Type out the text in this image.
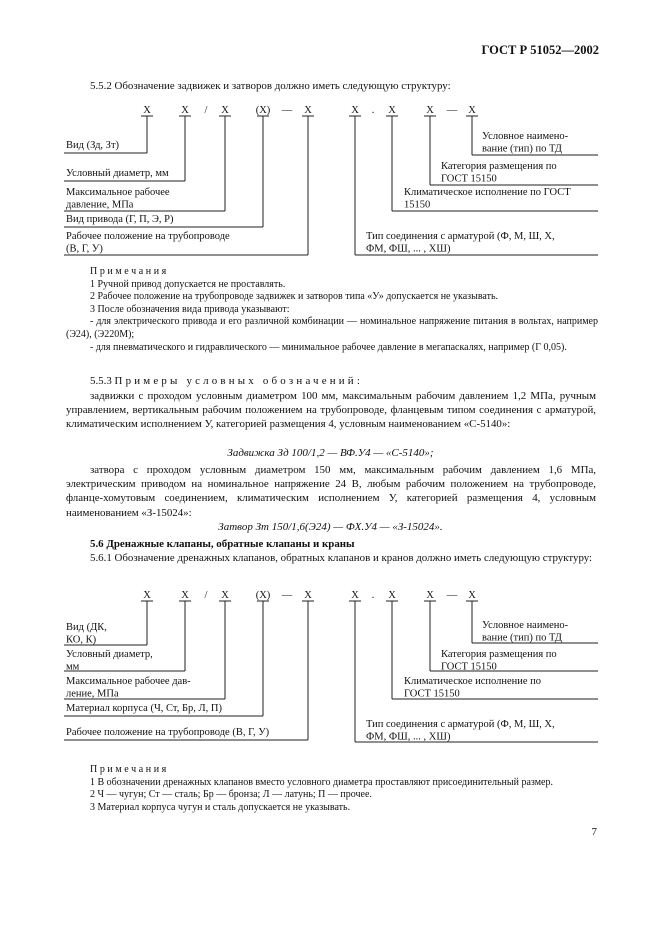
ГОСТ Р 51052—2002
5.5.2 Обозначение задвижек и затворов должно иметь следующую структуру:
X	X / X	(X) — X	X . X	X — X
Вид (Зд, Зт)
Условный диаметр, мм
Максимальное рабочее
давление, МПа
Вид привода (Г, П, Э, Р)
Рабочее положение на трубопроводе
(В, Г, У)
Условное наимено-
вание (тип) по ТД
Категория размещения по
ГОСТ 15150
Климатическое исполнение по ГОСТ
15150
Тип соединения с арматурой (Ф, М, Ш, Х,
ФМ, ФШ, ... , ХШ)
Примечания
1 Ручной привод допускается не проставлять.
2 Рабочее положение на трубопроводе задвижек и затворов типа «У» допускается не указывать.
3 После обозначения вида привода указывают:
- для электрического привода и его различной комбинации — номинальное напряжение питания в вольтах, например (Э24), (Э220М);
- для пневматического и гидравлического — минимальное рабочее давление в мегапаскалях, например (Г 0,05).
5.5.3 Примеры условных обозначений:
задвижки с проходом условным диаметром 100 мм, максимальным рабочим давлением 1,2 МПа, ручным управлением, вертикальным рабочим положением на трубопроводе, фланцевым типом соединения с арматурой, климатическим исполнением У, категорией размещения 4, условным наименованием «С-5140»:
Задвижка Зд 100/1,2 — ВФ.У4 — «С-5140»;
затвора с проходом условным диаметром 150 мм, максимальным рабочим давлением 1,6 МПа, электрическим приводом на номинальное напряжение 24 В, любым рабочим положением на трубопроводе, фланце-хомутовым соединением, климатическим исполнением У, категорией размещения 4, условным наименованием «З-15024»:
Затвор Зт 150/1,6(Э24) — ФХ.У4 — «З-15024».
5.6 Дренажные клапаны, обратные клапаны и краны
5.6.1 Обозначение дренажных клапанов, обратных клапанов и кранов должно иметь следующую структуру:
X	X / X	(X) — X	X . X	X — X
Вид (ДК,
КО, К)
Условный диаметр,
мм
Максимальное рабочее дав-
ление, МПа
Материал корпуса (Ч, Ст, Бр, Л, П)
Рабочее положение на трубопроводе (В, Г, У)
Условное наимено-
вание (тип) по ТД
Категория размещения по
ГОСТ 15150
Климатическое исполнение по
ГОСТ 15150
Тип соединения с арматурой (Ф, М, Ш, Х,
ФМ, ФШ, ... , ХШ)
Примечания
1 В обозначении дренажных клапанов вместо условного диаметра проставляют присоединительный размер.
2 Ч — чугун; Ст — сталь; Бр — бронза; Л — латунь; П — прочее.
3 Материал корпуса чугун и сталь допускается не указывать.
7
